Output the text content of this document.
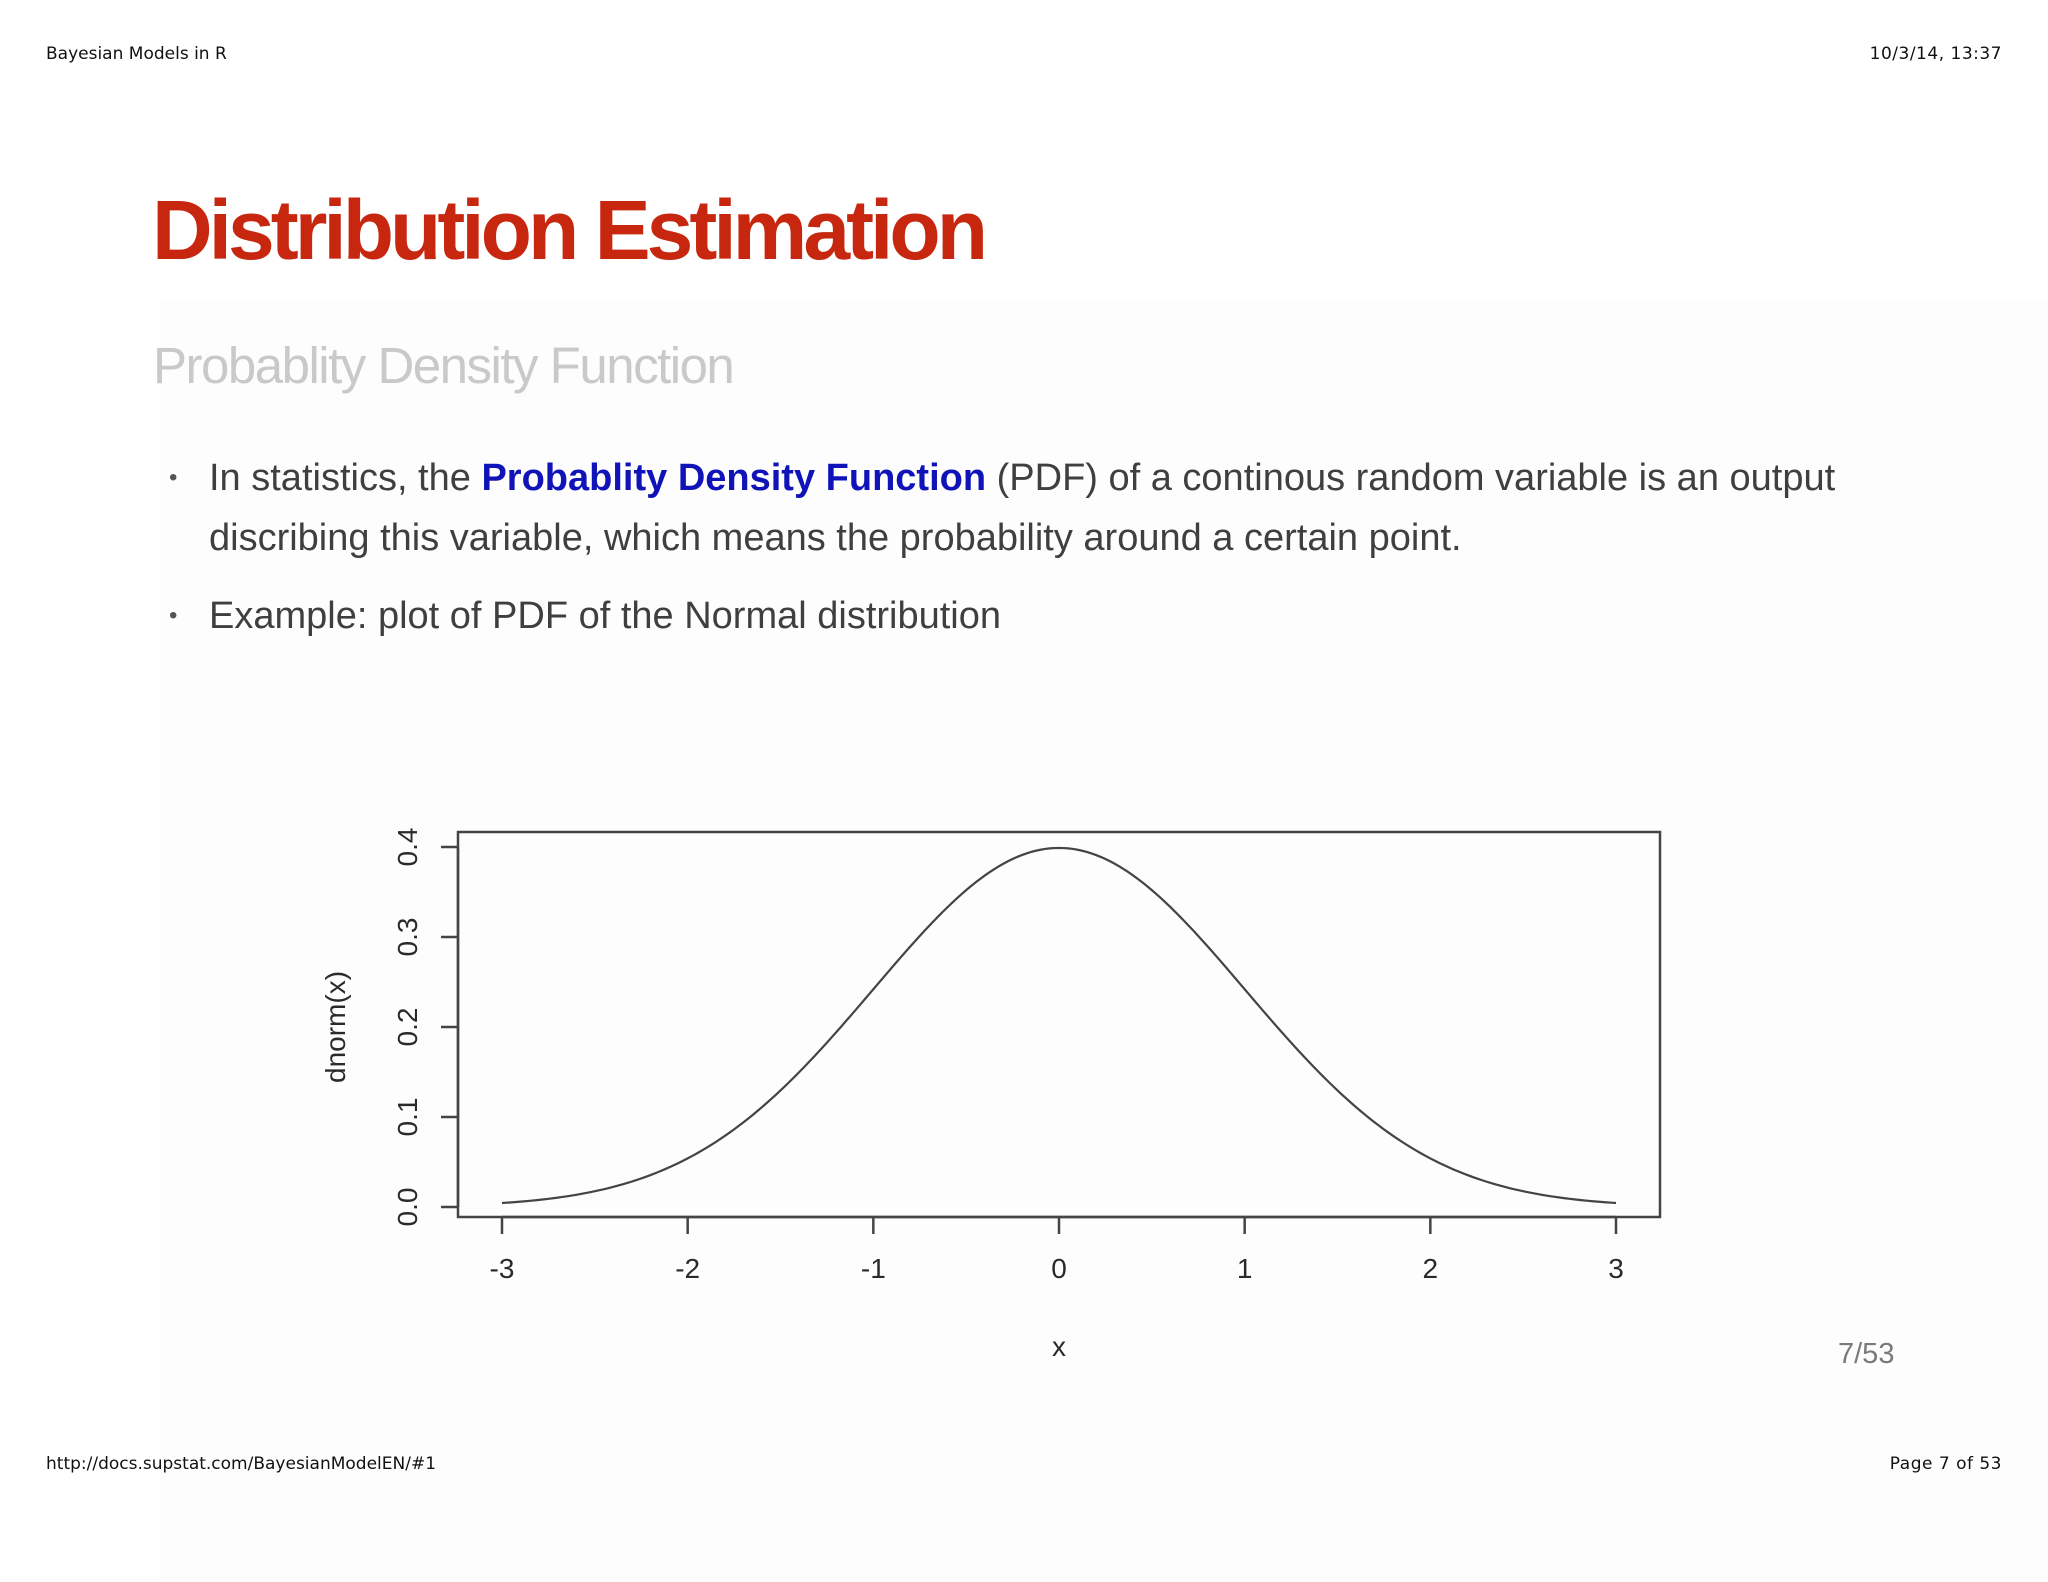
Bayesian Models in R	10/3/14, 13:37
Distribution Estimation
Probablity Density Function
• In statistics, the Probablity Density Function (PDF) of a continous random variable is an output discribing this variable, which means the probability around a certain point.
• Example: plot of PDF of the Normal distribution
-3	-2	-1	0	1	2	3
x
0.0
0.1
0.2
0.3
0.4
dnorm(x)
7/53
http://docs.supstat.com/BayesianModelEN/#1	Page 7 of 53
